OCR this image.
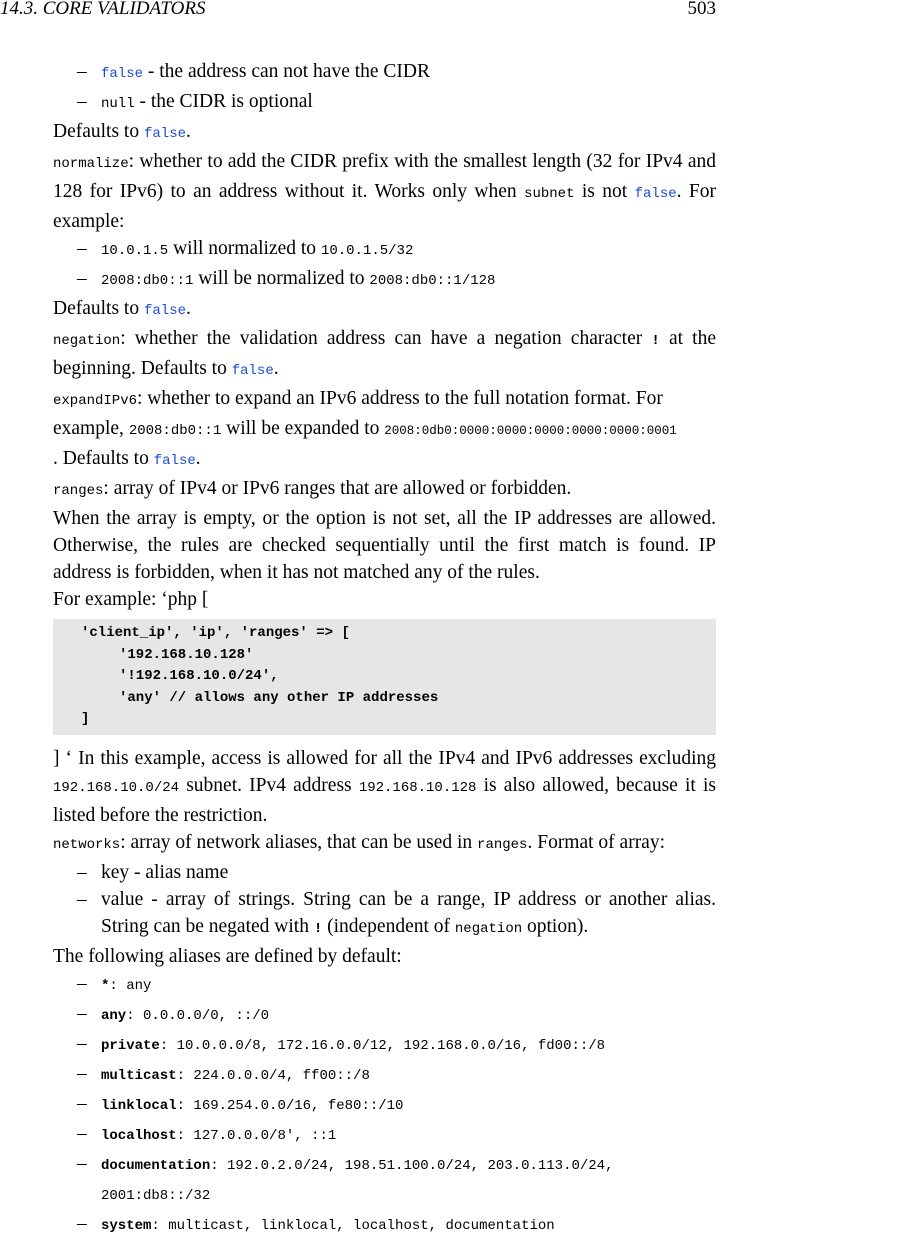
14.3. CORE VALIDATORS	503
– false - the address can not have the CIDR
– null - the CIDR is optional

Defaults to false.

normalize: whether to add the CIDR prefix with the smallest length (32 for IPv4 and 128 for IPv6) to an address without it. Works only when subnet is not false. For example:

– 10.0.1.5 will normalized to 10.0.1.5/32
– 2008:db0::1 will be normalized to 2008:db0::1/128

Defaults to false.

negation: whether the validation address can have a negation character ! at the beginning. Defaults to false.

expandIPv6: whether to expand an IPv6 address to the full notation format. For example, 2008:db0::1 will be expanded to 2008:0db0:0000:0000:0000:0000:0000:0001
. Defaults to false.

ranges: array of IPv4 or IPv6 ranges that are allowed or forbidden.

When the array is empty, or the option is not set, all the IP addresses are allowed. Otherwise, the rules are checked sequentially until the first match is found. IP address is forbidden, when it has not matched any of the rules.

For example: ‘php [

'client_ip', 'ip', 'ranges' => [
'192.168.10.128'
'!192.168.10.0/24',
'any' // allows any other IP addresses
]

] ‘ In this example, access is allowed for all the IPv4 and IPv6 addresses excluding 192.168.10.0/24 subnet. IPv4 address 192.168.10.128 is also allowed, because it is listed before the restriction.

networks: array of network aliases, that can be used in ranges. Format of array:

– key - alias name
– value - array of strings. String can be a range, IP address or another alias. String can be negated with ! (independent of negation option).

The following aliases are defined by default:

– *: any
– any: 0.0.0.0/0, ::/0
– private: 10.0.0.0/8, 172.16.0.0/12, 192.168.0.0/16, fd00::/8
– multicast: 224.0.0.0/4, ff00::/8
– linklocal: 169.254.0.0/16, fe80::/10
– localhost: 127.0.0.0/8', ::1
– documentation: 192.0.2.0/24, 198.51.100.0/24, 203.0.113.0/24, 2001:db8::/32
– system: multicast, linklocal, localhost, documentation
